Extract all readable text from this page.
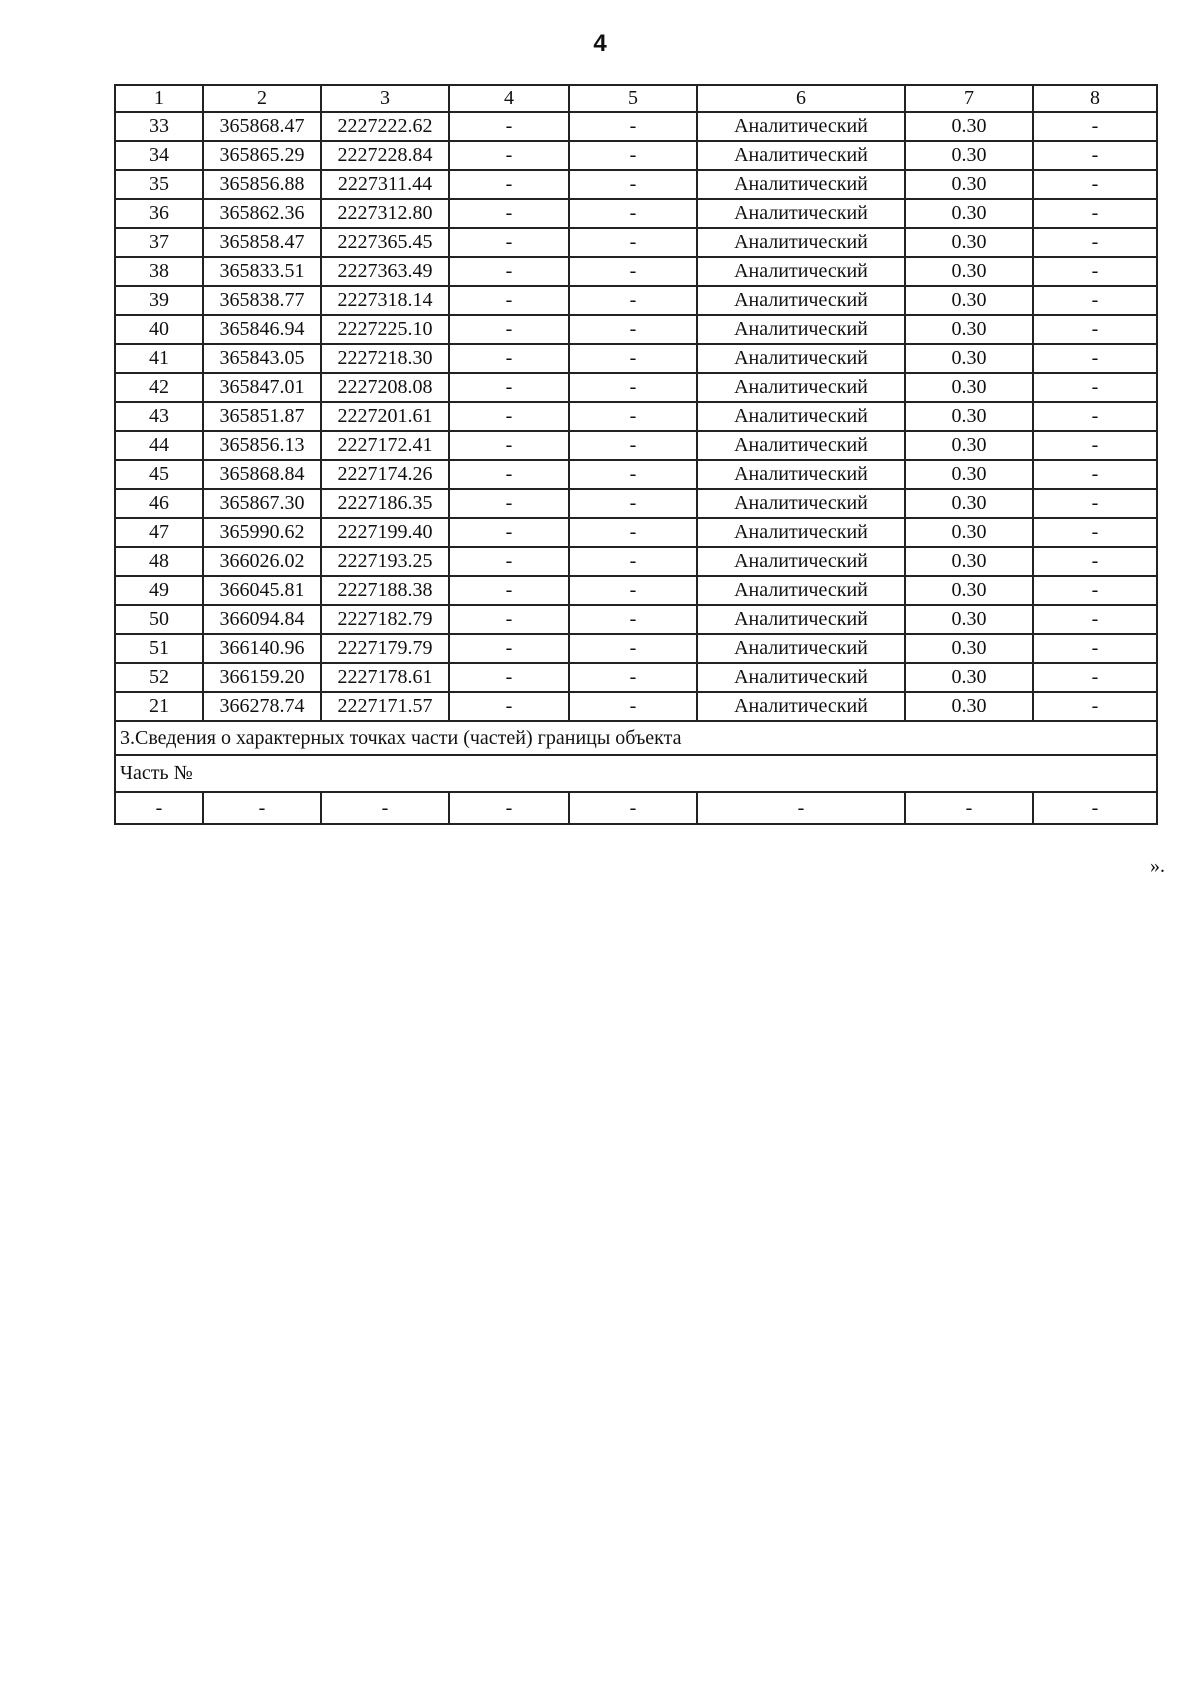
4
1	2	3	4	5	6	7	8
33	365868.47	2227222.62	-	-	Аналитический	0.30	-
34	365865.29	2227228.84	-	-	Аналитический	0.30	-
35	365856.88	2227311.44	-	-	Аналитический	0.30	-
36	365862.36	2227312.80	-	-	Аналитический	0.30	-
37	365858.47	2227365.45	-	-	Аналитический	0.30	-
38	365833.51	2227363.49	-	-	Аналитический	0.30	-
39	365838.77	2227318.14	-	-	Аналитический	0.30	-
40	365846.94	2227225.10	-	-	Аналитический	0.30	-
41	365843.05	2227218.30	-	-	Аналитический	0.30	-
42	365847.01	2227208.08	-	-	Аналитический	0.30	-
43	365851.87	2227201.61	-	-	Аналитический	0.30	-
44	365856.13	2227172.41	-	-	Аналитический	0.30	-
45	365868.84	2227174.26	-	-	Аналитический	0.30	-
46	365867.30	2227186.35	-	-	Аналитический	0.30	-
47	365990.62	2227199.40	-	-	Аналитический	0.30	-
48	366026.02	2227193.25	-	-	Аналитический	0.30	-
49	366045.81	2227188.38	-	-	Аналитический	0.30	-
50	366094.84	2227182.79	-	-	Аналитический	0.30	-
51	366140.96	2227179.79	-	-	Аналитический	0.30	-
52	366159.20	2227178.61	-	-	Аналитический	0.30	-
21	366278.74	2227171.57	-	-	Аналитический	0.30	-
3.Сведения о характерных точках части (частей) границы объекта							
Часть №							
-	-	-	-	-	-	-	-
».
